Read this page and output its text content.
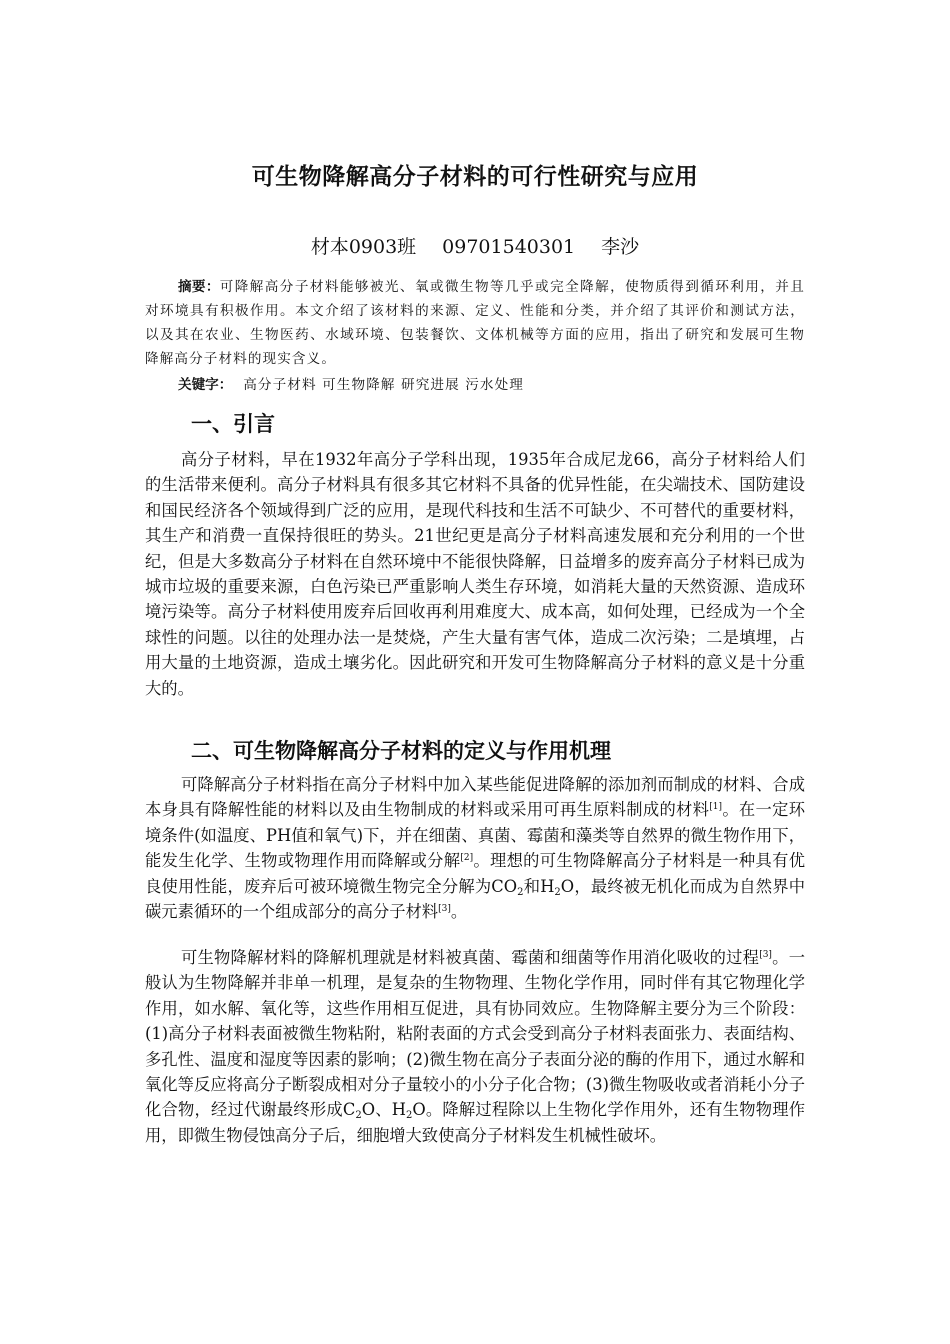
可生物降解高分子材料的可行性研究与应用
材本0903班 09701540301 李沙
摘要：可降解高分子材料能够被光、氧或微生物等几乎或完全降解，使物质得到循环利用，并且对环境具有积极作用。本文介绍了该材料的来源、定义、性能和分类，并介绍了其评价和测试方法，以及其在农业、生物医药、水域环境、包装餐饮、文体机械等方面的应用，指出了研究和发展可生物降解高分子材料的现实含义。
关键字： 高分子材料 可生物降解 研究进展 污水处理
一、引言
高分子材料，早在1932年高分子学科出现，1935年合成尼龙66，高分子材料给人们的生活带来便利。高分子材料具有很多其它材料不具备的优异性能，在尖端技术、国防建设和国民经济各个领域得到广泛的应用，是现代科技和生活不可缺少、不可替代的重要材料，其生产和消费一直保持很旺的势头。21世纪更是高分子材料高速发展和充分利用的一个世纪，但是大多数高分子材料在自然环境中不能很快降解，日益增多的废弃高分子材料已成为城市垃圾的重要来源，白色污染已严重影响人类生存环境，如消耗大量的天然资源、造成环境污染等。高分子材料使用废弃后回收再利用难度大、成本高，如何处理，已经成为一个全球性的问题。以往的处理办法一是焚烧，产生大量有害气体，造成二次污染；二是填埋，占用大量的土地资源，造成土壤劣化。因此研究和开发可生物降解高分子材料的意义是十分重大的。
二、可生物降解高分子材料的定义与作用机理
可降解高分子材料指在高分子材料中加入某些能促进降解的添加剂而制成的材料、合成本身具有降解性能的材料以及由生物制成的材料或采用可再生原料制成的材料[1]。在一定环境条件(如温度、PH值和氧气)下，并在细菌、真菌、霉菌和藻类等自然界的微生物作用下，能发生化学、生物或物理作用而降解或分解[2]。理想的可生物降解高分子材料是一种具有优良使用性能，废弃后可被环境微生物完全分解为$CO_2$和$H_2O$，最终被无机化而成为自然界中碳元素循环的一个组成部分的高分子材料[3]。
可生物降解材料的降解机理就是材料被真菌、霉菌和细菌等作用消化吸收的过程[3]。一般认为生物降解并非单一机理，是复杂的生物物理、生物化学作用，同时伴有其它物理化学作用，如水解、氧化等，这些作用相互促进，具有协同效应。生物降解主要分为三个阶段：(1)高分子材料表面被微生物粘附，粘附表面的方式会受到高分子材料表面张力、表面结构、多孔性、温度和湿度等因素的影响；(2)微生物在高分子表面分泌的酶的作用下，通过水解和氧化等反应将高分子断裂成相对分子量较小的小分子化合物；(3)微生物吸收或者消耗小分子化合物，经过代谢最终形成$C_2O$、$H_2O$。降解过程除以上生物化学作用外，还有生物物理作用，即微生物侵蚀高分子后，细胞增大致使高分子材料发生机械性破坏。
